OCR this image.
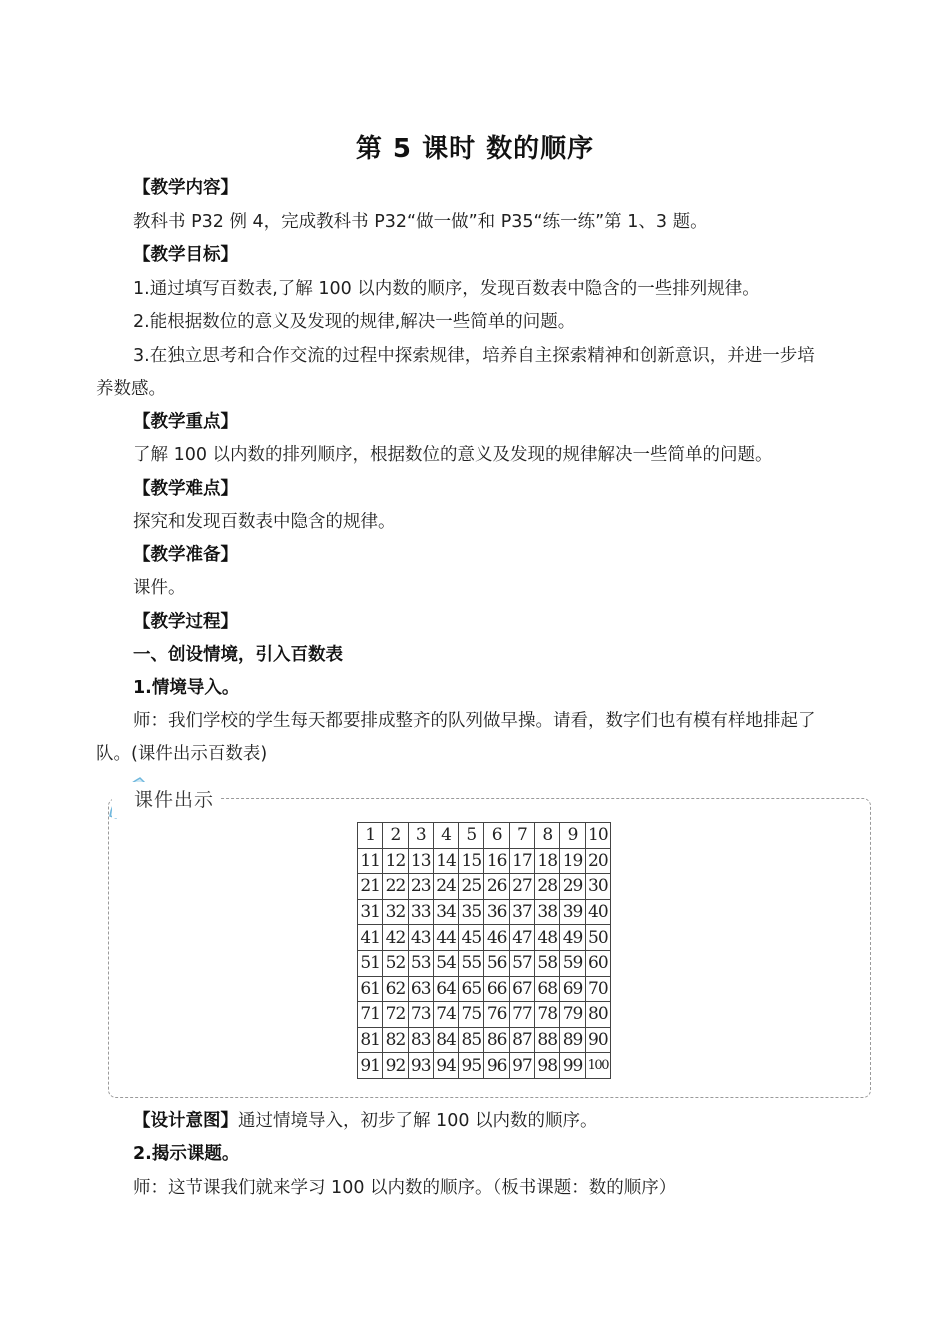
第 5 课时 数的顺序
【教学内容】
教科书 P32 例 4，完成教科书 P32“做一做”和 P35“练一练”第 1、3 题。
【教学目标】
1.通过填写百数表,了解 100 以内数的顺序，发现百数表中隐含的一些排列规律。
2.能根据数位的意义及发现的规律,解决一些简单的问题。
3.在独立思考和合作交流的过程中探索规律，培养自主探索精神和创新意识，并进一步培
养数感。
【教学重点】
了解 100 以内数的排列顺序，根据数位的意义及发现的规律解决一些简单的问题。
【教学难点】
探究和发现百数表中隐含的规律。
【教学准备】
课件。
【教学过程】
一、创设情境，引入百数表
1.情境导入。
师：我们学校的学生每天都要排成整齐的队列做早操。请看，数字们也有模有样地排起了
队。(课件出示百数表)
课件出示
1	2	3	4	5	6	7	8	9	10
11	12	13	14	15	16	17	18	19	20
21	22	23	24	25	26	27	28	29	30
31	32	33	34	35	36	37	38	39	40
41	42	43	44	45	46	47	48	49	50
51	52	53	54	55	56	57	58	59	60
61	62	63	64	65	66	67	68	69	70
71	72	73	74	75	76	77	78	79	80
81	82	83	84	85	86	87	88	89	90
91	92	93	94	95	96	97	98	99	100
【设计意图】通过情境导入，初步了解 100 以内数的顺序。
2.揭示课题。
师：这节课我们就来学习 100 以内数的顺序。（板书课题：数的顺序）
